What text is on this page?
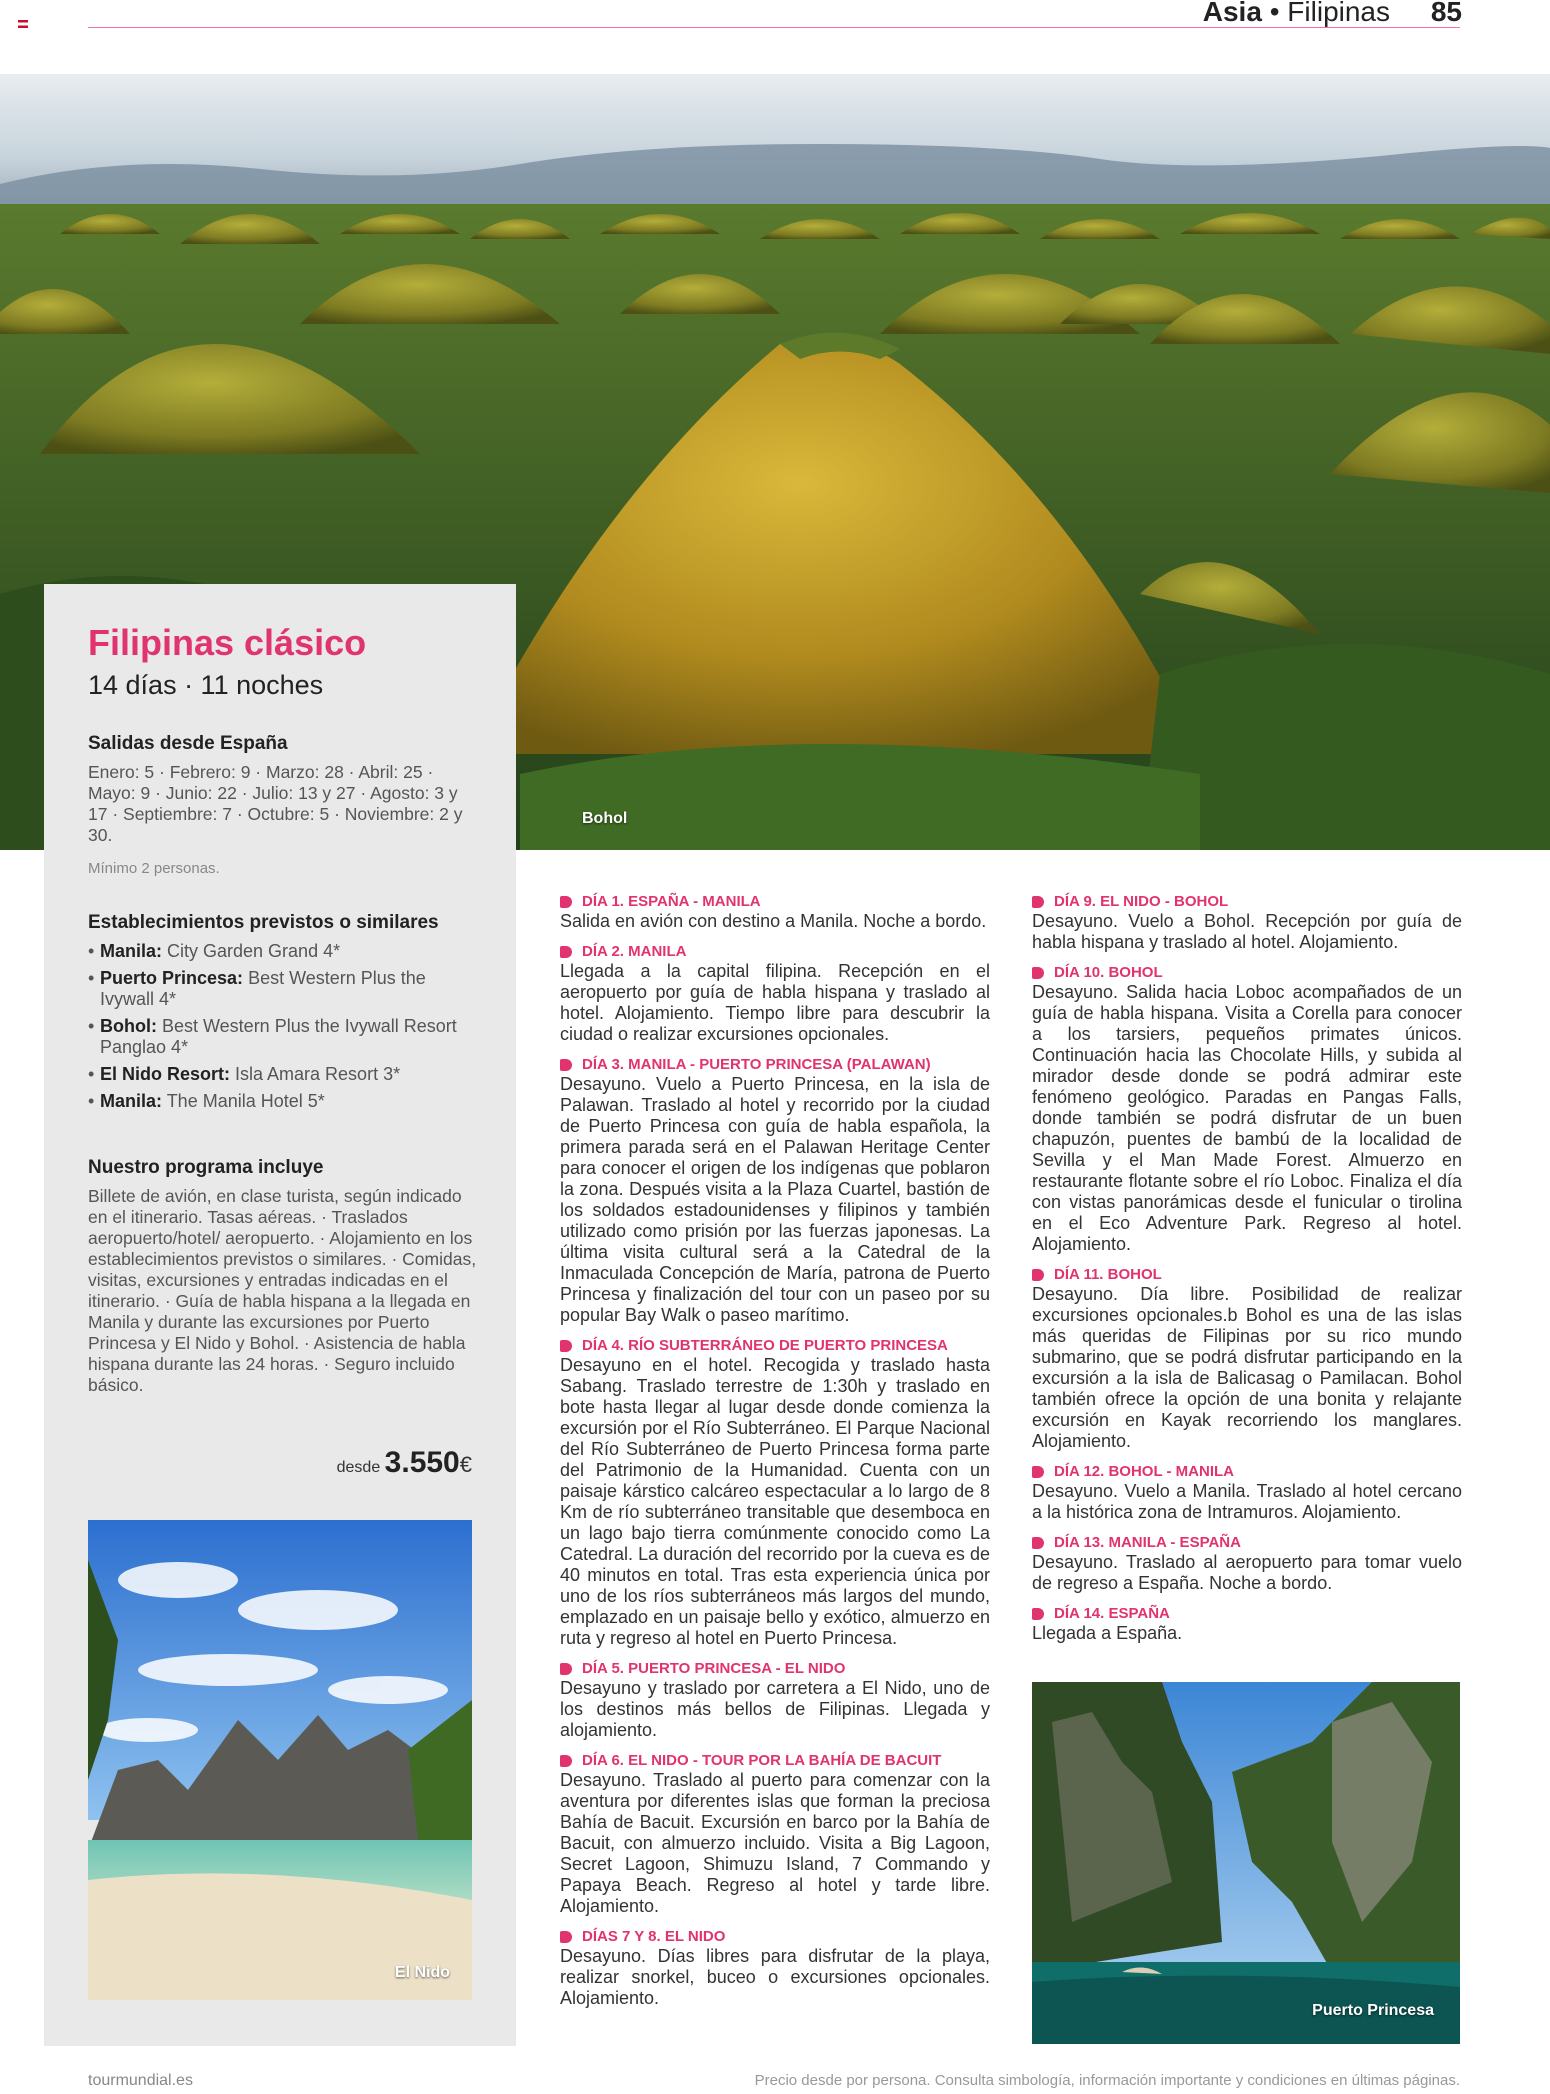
Asia • Filipinas 85
Bohol
Filipinas clásico
14 días · 11 noches
Salidas desde España
Enero: 5 · Febrero: 9 · Marzo: 28 · Abril: 25 · Mayo: 9 · Junio: 22 · Julio: 13 y 27 · Agosto: 3 y 17 · Septiembre: 7 · Octubre: 5 · Noviembre: 2 y 30.
Mínimo 2 personas.
Establecimientos previstos o similares
• Manila: City Garden Grand 4*
• Puerto Princesa: Best Western Plus the Ivywall 4*
• Bohol: Best Western Plus the Ivywall Resort Panglao 4*
• El Nido Resort: Isla Amara Resort 3*
• Manila: The Manila Hotel 5*
Nuestro programa incluye
Billete de avión, en clase turista, según indicado en el itinerario. Tasas aéreas. · Traslados aeropuerto/hotel/ aeropuerto. · Alojamiento en los establecimientos previstos o similares. · Comidas, visitas, excursiones y entradas indicadas en el itinerario. · Guía de habla hispana a la llegada en Manila y durante las excursiones por Puerto Princesa y El Nido y Bohol. · Asistencia de habla hispana durante las 24 horas. · Seguro incluido básico.
desde 3.550€
El Nido
DÍA 1. ESPAÑA - MANILA
Salida en avión con destino a Manila. Noche a bordo.
DÍA 2. MANILA
Llegada a la capital filipina. Recepción en el aeropuerto por guía de habla hispana y traslado al hotel. Alojamiento. Tiempo libre para descubrir la ciudad o realizar excursiones opcionales.
DÍA 3. MANILA - PUERTO PRINCESA (PALAWAN)
Desayuno. Vuelo a Puerto Princesa, en la isla de Palawan. Traslado al hotel y recorrido por la ciudad de Puerto Princesa con guía de habla española, la primera parada será en el Palawan Heritage Center para conocer el origen de los indígenas que poblaron la zona. Después visita a la Plaza Cuartel, bastión de los soldados estadounidenses y filipinos y también utilizado como prisión por las fuerzas japonesas. La última visita cultural será a la Catedral de la Inmaculada Concepción de María, patrona de Puerto Princesa y finalización del tour con un paseo por su popular Bay Walk o paseo marítimo.
DÍA 4. RÍO SUBTERRÁNEO DE PUERTO PRINCESA
Desayuno en el hotel. Recogida y traslado hasta Sabang. Traslado terrestre de 1:30h y traslado en bote hasta llegar al lugar desde donde comienza la excursión por el Río Subterráneo. El Parque Nacional del Río Subterráneo de Puerto Princesa forma parte del Patrimonio de la Humanidad. Cuenta con un paisaje kárstico calcáreo espectacular a lo largo de 8 Km de río subterráneo transitable que desemboca en un lago bajo tierra comúnmente conocido como La Catedral. La duración del recorrido por la cueva es de 40 minutos en total. Tras esta experiencia única por uno de los ríos subterráneos más largos del mundo, emplazado en un paisaje bello y exótico, almuerzo en ruta y regreso al hotel en Puerto Princesa.
DÍA 5. PUERTO PRINCESA - EL NIDO
Desayuno y traslado por carretera a El Nido, uno de los destinos más bellos de Filipinas. Llegada y alojamiento.
DÍA 6. EL NIDO - TOUR POR LA BAHÍA DE BACUIT
Desayuno. Traslado al puerto para comenzar con la aventura por diferentes islas que forman la preciosa Bahía de Bacuit. Excursión en barco por la Bahía de Bacuit, con almuerzo incluido. Visita a Big Lagoon, Secret Lagoon, Shimuzu Island, 7 Commando y Papaya Beach. Regreso al hotel y tarde libre. Alojamiento.
DÍAS 7 Y 8. EL NIDO
Desayuno. Días libres para disfrutar de la playa, realizar snorkel, buceo o excursiones opcionales. Alojamiento.
DÍA 9. EL NIDO - BOHOL
Desayuno. Vuelo a Bohol. Recepción por guía de habla hispana y traslado al hotel. Alojamiento.
DÍA 10. BOHOL
Desayuno. Salida hacia Loboc acompañados de un guía de habla hispana. Visita a Corella para conocer a los tarsiers, pequeños primates únicos. Continuación hacia las Chocolate Hills, y subida al mirador desde donde se podrá admirar este fenómeno geológico. Paradas en Pangas Falls, donde también se podrá disfrutar de un buen chapuzón, puentes de bambú de la localidad de Sevilla y el Man Made Forest. Almuerzo en restaurante flotante sobre el río Loboc. Finaliza el día con vistas panorámicas desde el funicular o tirolina en el Eco Adventure Park. Regreso al hotel. Alojamiento.
DÍA 11. BOHOL
Desayuno. Día libre. Posibilidad de realizar excursiones opcionales.b Bohol es una de las islas más queridas de Filipinas por su rico mundo submarino, que se podrá disfrutar participando en la excursión a la isla de Balicasag o Pamilacan. Bohol también ofrece la opción de una bonita y relajante excursión en Kayak recorriendo los manglares. Alojamiento.
DÍA 12. BOHOL - MANILA
Desayuno. Vuelo a Manila. Traslado al hotel cercano a la histórica zona de Intramuros. Alojamiento.
DÍA 13. MANILA - ESPAÑA
Desayuno. Traslado al aeropuerto para tomar vuelo de regreso a España. Noche a bordo.
DÍA 14. ESPAÑA
Llegada a España.
Puerto Princesa
tourmundial.es	Precio desde por persona. Consulta simbología, información importante y condiciones en últimas páginas.
